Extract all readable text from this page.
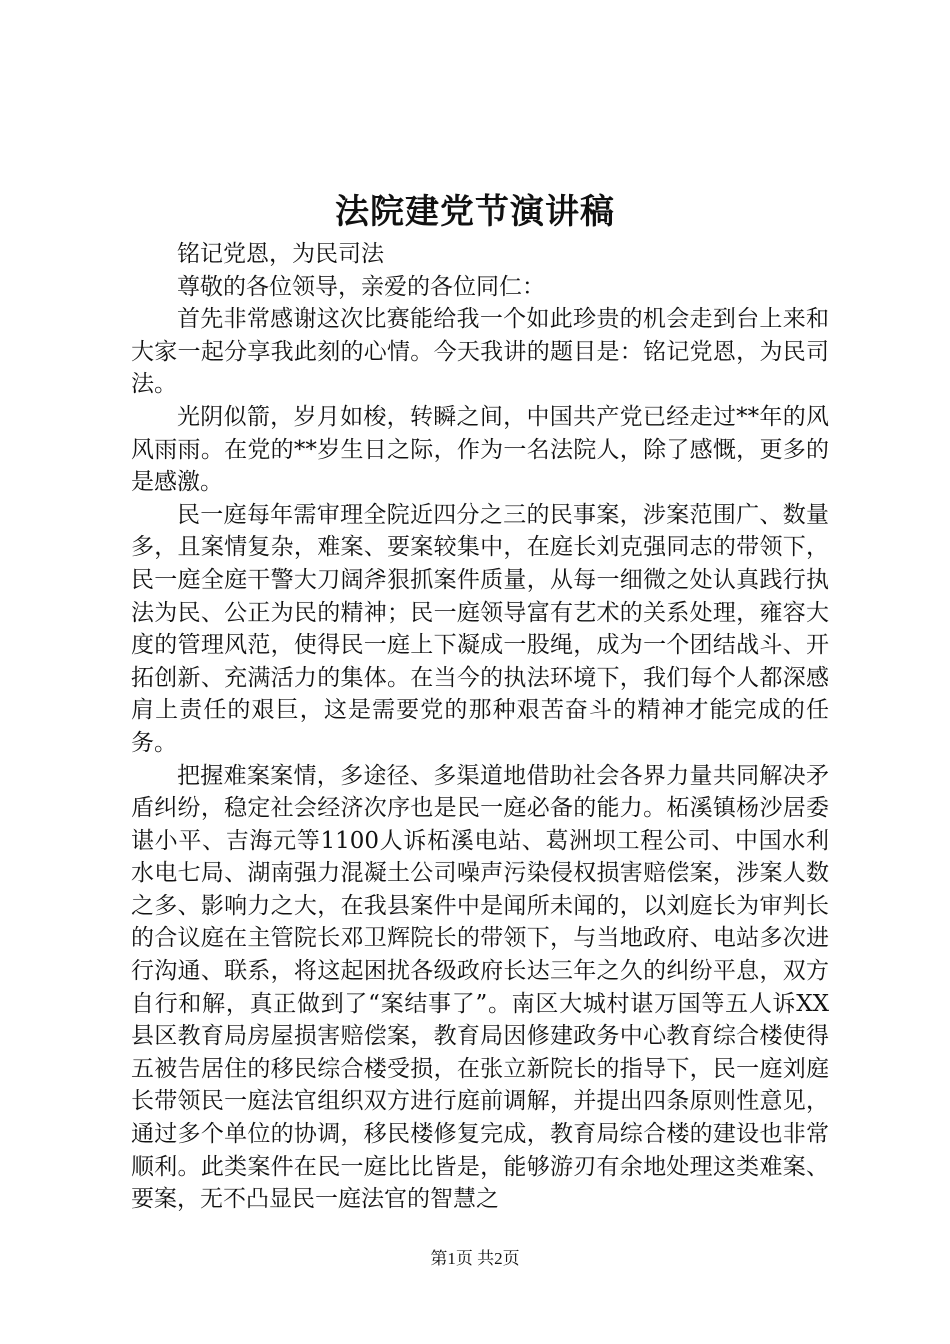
法院建党节演讲稿

铭记党恩，为民司法

尊敬的各位领导，亲爱的各位同仁：

首先非常感谢这次比赛能给我一个如此珍贵的机会走到台上来和大家一起分享我此刻的心情。今天我讲的题目是：铭记党恩，为民司法。

光阴似箭，岁月如梭，转瞬之间，中国共产党已经走过**年的风风雨雨。在党的**岁生日之际，作为一名法院人，除了感慨，更多的是感激。

民一庭每年需审理全院近四分之三的民事案，涉案范围广、数量多，且案情复杂，难案、要案较集中，在庭长刘克强同志的带领下，民一庭全庭干警大刀阔斧狠抓案件质量，从每一细微之处认真践行执法为民、公正为民的精神；民一庭领导富有艺术的关系处理，雍容大度的管理风范，使得民一庭上下凝成一股绳，成为一个团结战斗、开拓创新、充满活力的集体。在当今的执法环境下，我们每个人都深感肩上责任的艰巨，这是需要党的那种艰苦奋斗的精神才能完成的任务。

把握难案案情，多途径、多渠道地借助社会各界力量共同解决矛盾纠纷，稳定社会经济次序也是民一庭必备的能力。柘溪镇杨沙居委谌小平、吉海元等1100人诉柘溪电站、葛洲坝工程公司、中国水利水电七局、湖南强力混凝土公司噪声污染侵权损害赔偿案，涉案人数之多、影响力之大，在我县案件中是闻所未闻的，以刘庭长为审判长的合议庭在主管院长邓卫辉院长的带领下，与当地政府、电站多次进行沟通、联系，将这起困扰各级政府长达三年之久的纠纷平息，双方自行和解，真正做到了“案结事了”。南区大城村谌万国等五人诉XX县区教育局房屋损害赔偿案，教育局因修建政务中心教育综合楼使得五被告居住的移民综合楼受损，在张立新院长的指导下，民一庭刘庭长带领民一庭法官组织双方进行庭前调解，并提出四条原则性意见，通过多个单位的协调，移民楼修复完成，教育局综合楼的建设也非常顺利。此类案件在民一庭比比皆是，能够游刃有余地处理这类难案、要案，无不凸显民一庭法官的智慧之

第1页 共2页
